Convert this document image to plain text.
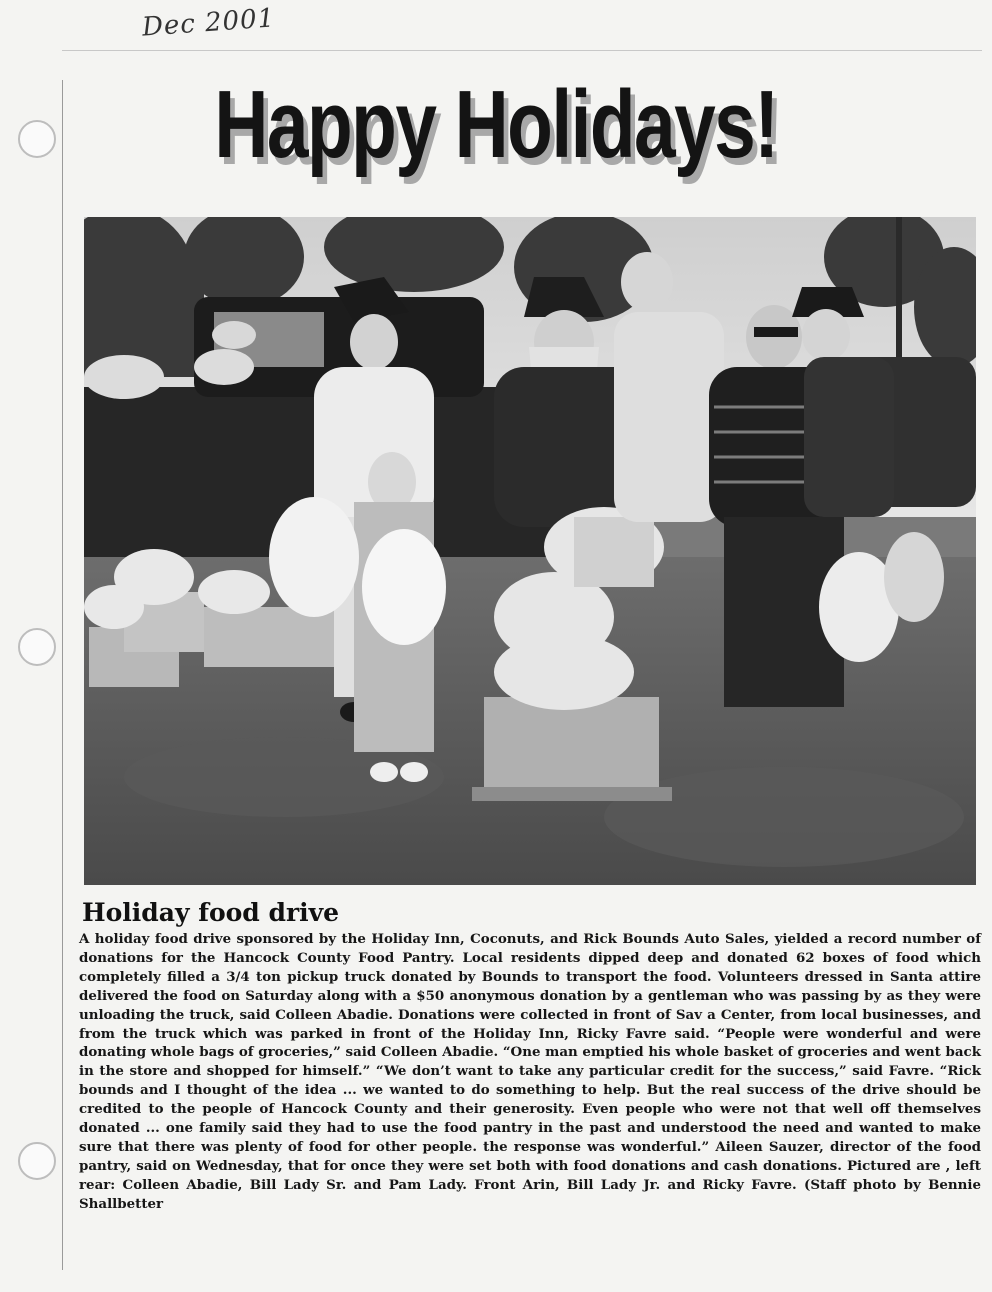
Dec 2001
Happy Holidays!
Holiday food drive
A holiday food drive sponsored by the Holiday Inn, Coconuts, and Rick Bounds Auto Sales, yielded a record number of donations for the Hancock County Food Pantry. Local residents dipped deep and donated 62 boxes of food which completely filled a 3/4 ton pickup truck donated by Bounds to transport the food. Volunteers dressed in Santa attire delivered the food on Saturday along with a $50 anonymous donation by a gentleman who was passing by as they were unloading the truck, said Colleen Abadie. Donations were collected in front of Sav a Center, from local businesses, and from the truck which was parked in front of the Holiday Inn, Ricky Favre said. “People were wonderful and were donating whole bags of groceries,” said Colleen Abadie. “One man emptied his whole basket of groceries and went back in the store and shopped for himself.” “We don’t want to take any particular credit for the success,” said Favre. “Rick bounds and I thought of the idea ... we wanted to do something to help. But the real success of the drive should be credited to the people of Hancock County and their generosity. Even people who were not that well off themselves donated ... one family said they had to use the food pantry in the past and understood the need and wanted to make sure that there was plenty of food for other people. the response was wonderful.” Aileen Sauzer, director of the food pantry, said on Wednesday, that for once they were set both with food donations and cash donations. Pictured are , left rear: Colleen Abadie, Bill Lady Sr. and Pam Lady. Front Arin, Bill Lady Jr. and Ricky Favre. (Staff photo by Bennie Shallbetter
